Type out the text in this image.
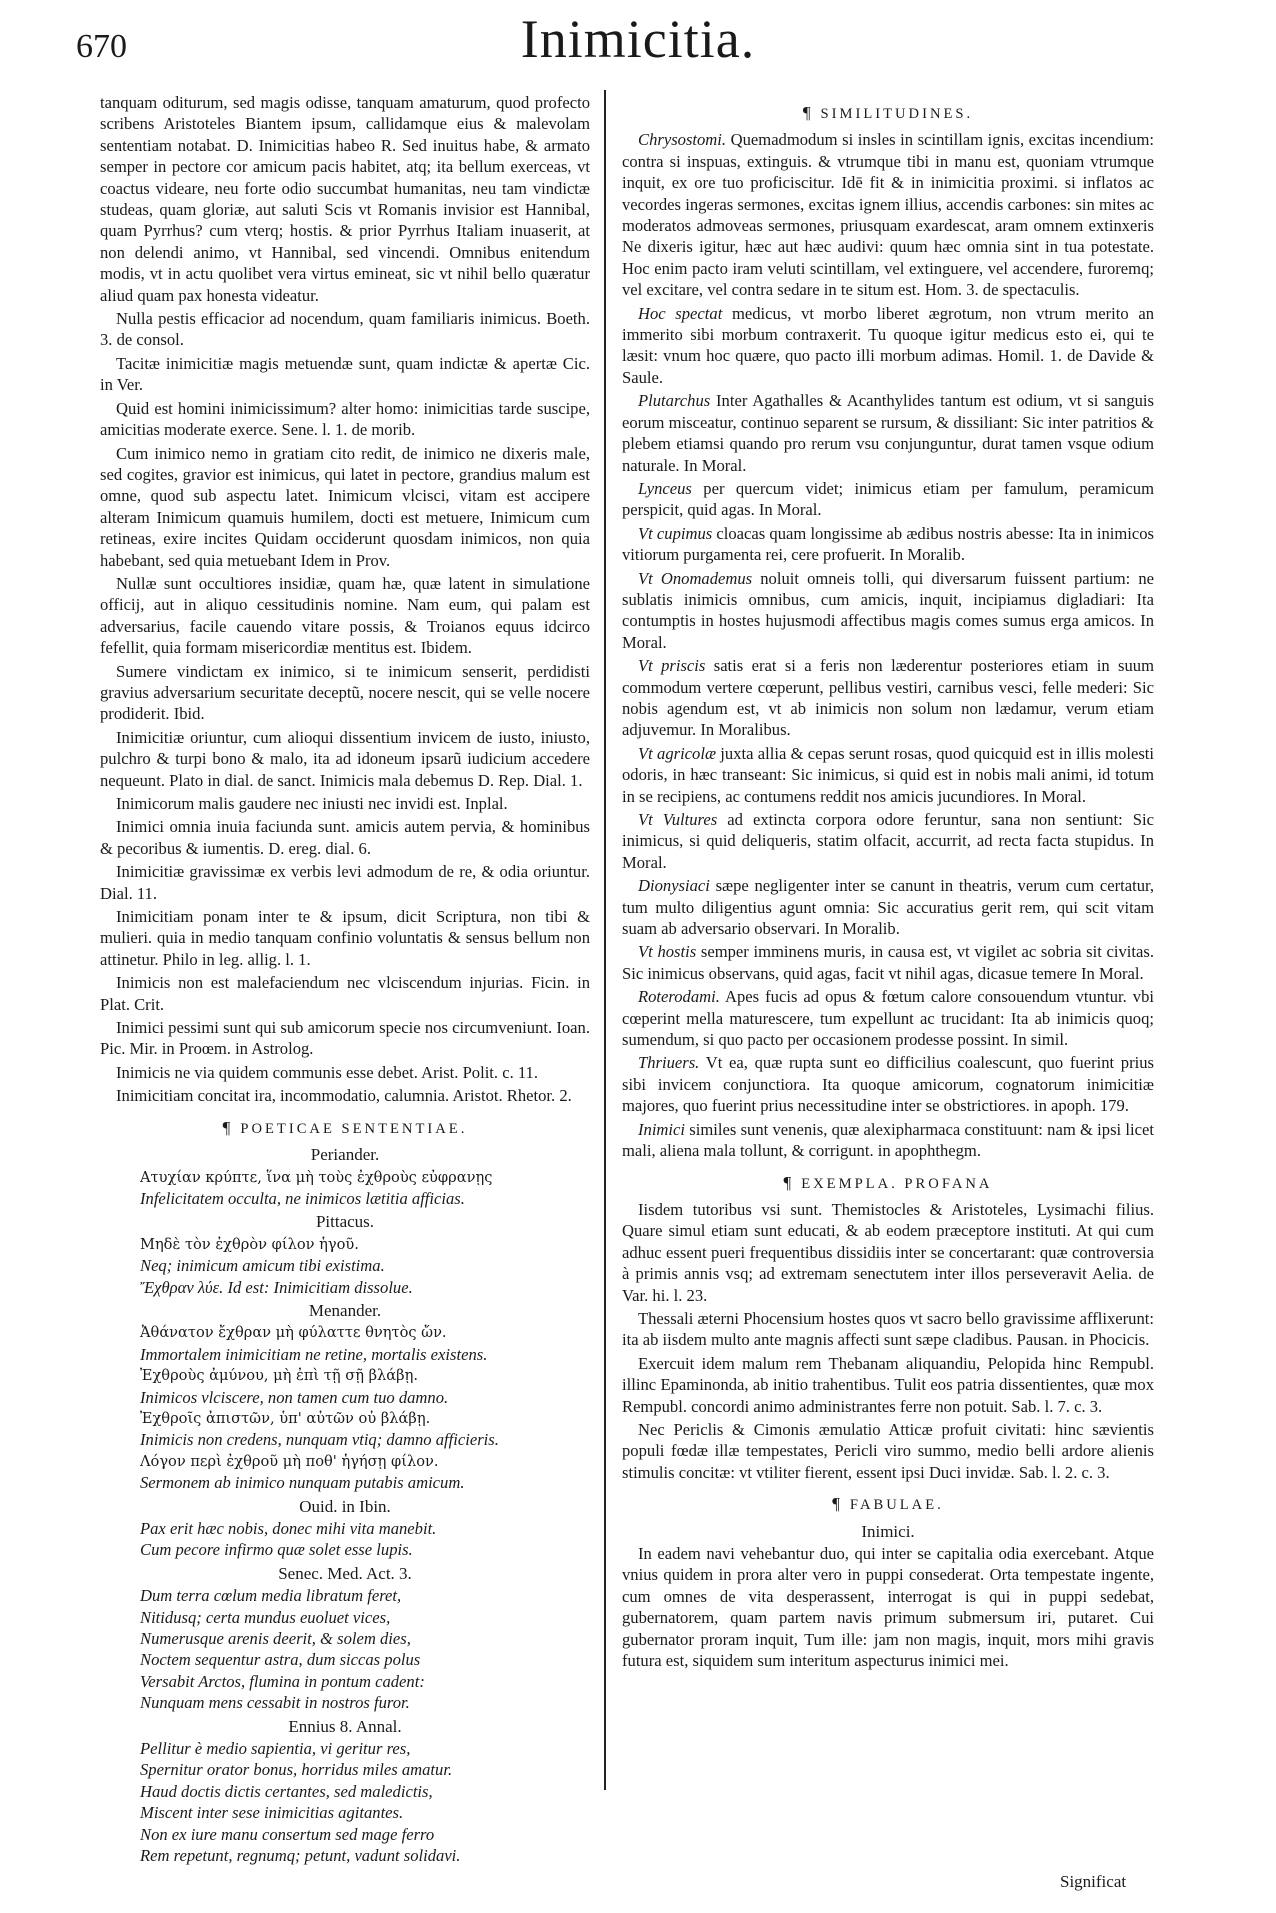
670	Inimicitia.

tanquam oditurum, sed magis odisse, tanquam amaturum, quod profecto scribens Aristoteles Biantem ipsum, callidamque eius & malevolam sententiam notabat. D. Inimicitias habeo R. Sed inuitus habe, & armato semper in pectore cor amicum pacis habitet, atq; ita bellum exerceas, vt coactus videare, neu forte odio succumbat humanitas, neu tam vindictæ studeas, quam gloriæ, aut saluti Scis vt Romanis invisior est Hannibal, quam Pyrrhus? cum vterq; hostis. & prior Pyrrhus Italiam inuaserit, at non delendi animo, vt Hannibal, sed vincendi. Omnibus enitendum modis, vt in actu quolibet vera virtus emineat, sic vt nihil bello quæratur aliud quam pax honesta videatur.

Nulla pestis efficacior ad nocendum, quam familiaris inimicus. Boeth. 3. de consol.

Tacitæ inimicitiæ magis metuendæ sunt, quam indictæ & apertæ Cic. in Ver.

Quid est homini inimicissimum? alter homo: inimicitias tarde suscipe, amicitias moderate exerce. Sene. l. 1. de morib.

Cum inimico nemo in gratiam cito redit, de inimico ne dixeris male, sed cogites, gravior est inimicus, qui latet in pectore, grandius malum est omne, quod sub aspectu latet. Inimicum vlcisci, vitam est accipere alteram Inimicum quamuis humilem, docti est metuere, Inimicum cum retineas, exire incites Quidam occiderunt quosdam inimicos, non quia habebant, sed quia metuebant Idem in Prov.

Nullæ sunt occultiores insidiæ, quam hæ, quæ latent in simulatione officij, aut in aliquo cessitudinis nomine. Nam eum, qui palam est adversarius, facile cauendo vitare possis, & Troianos equus idcirco fefellit, quia formam misericordiæ mentitus est. Ibidem.

Sumere vindictam ex inimico, si te inimicum senserit, perdidisti gravius adversarium securitate deceptũ, nocere nescit, qui se velle nocere prodiderit. Ibid.

Inimicitiæ oriuntur, cum alioqui dissentium invicem de iusto, iniusto, pulchro & turpi bono & malo, ita ad idoneum ipsarũ iudicium accedere nequeunt. Plato in dial. de sanct. Inimicis mala debemus D. Rep. Dial. 1.

Inimicorum malis gaudere nec iniusti nec invidi est. Inplal.

Inimici omnia inuia faciunda sunt. amicis autem pervia, & hominibus & pecoribus & iumentis. D. ereg. dial. 6.

Inimicitiæ gravissimæ ex verbis levi admodum de re, & odia oriuntur. Dial. 11.

Inimicitiam ponam inter te & ipsum, dicit Scriptura, non tibi & mulieri. quia in medio tanquam confinio voluntatis & sensus bellum non attinetur. Philo in leg. allig. l. 1.

Inimicis non est malefaciendum nec vlciscendum injurias. Ficin. in Plat. Crit.

Inimici pessimi sunt qui sub amicorum specie nos circumveniunt. Ioan. Pic. Mir. in Proœm. in Astrolog.

Inimicis ne via quidem communis esse debet. Arist. Polit. c. 11.

Inimicitiam concitat ira, incommodatio, calumnia. Aristot. Rhetor. 2.

¶ POETICAE SENTENTIAE.
Periander.
Ατυχίαν κρύπτε, ἵνα μὴ τοὺς ἐχθροὺς εὐφρανῃς
Infelicitatem occulta, ne inimicos lætitia afficias.
Pittacus.
Μηδὲ τὸν ἐχθρὸν φίλον ἡγοῦ.
Neq; inimicum amicum tibi existima.
Ἔχθραν λύε. Id est: Inimicitiam dissolue.
Menander.
Ἀθάνατον ἔχθραν μὴ φύλαττε θνητὸς ὤν.
Immortalem inimicitiam ne retine, mortalis existens.
Ἐχθροὺς ἀμύνου, μὴ ἐπὶ τῇ σῇ βλάβῃ.
Inimicos vlciscere, non tamen cum tuo damno.
Ἐχθροῖς ἀπιστῶν, ὑπ' αὐτῶν οὐ βλάβῃ.
Inimicis non credens, nunquam vtiq; damno afficieris.
Λόγον περὶ ἐχθροῦ μὴ ποθ' ἡγήσῃ φίλον.
Sermonem ab inimico nunquam putabis amicum.
Ouid. in Ibin.
Pax erit hæc nobis, donec mihi vita manebit.
Cum pecore infirmo quæ solet esse lupis.
Senec. Med. Act. 3.
Dum terra cœlum media libratum feret,
Nitidusq; certa mundus euoluet vices,
Numerusque arenis deerit, & solem dies,
Noctem sequentur astra, dum siccas polus
Versabit Arctos, flumina in pontum cadent:
Nunquam mens cessabit in nostros furor.
Ennius 8. Annal.
Pellitur è medio sapientia, vi geritur res,
Spernitur orator bonus, horridus miles amatur.
Haud doctis dictis certantes, sed maledictis,
Miscent inter sese inimicitias agitantes.
Non ex iure manu consertum sed mage ferro
Rem repetunt, regnumq; petunt, vadunt solidavi.
¶ SIMILITUDINES.

Chrysostomi. Quemadmodum si insles in scintillam ignis, excitas incendium: contra si inspuas, extinguis. & vtrumque tibi in manu est, quoniam vtrumque inquit, ex ore tuo proficiscitur. Idē fit & in inimicitia proximi. si inflatos ac vecordes ingeras sermones, excitas ignem illius, accendis carbones: sin mites ac moderatos admoveas sermones, priusquam exardescat, aram omnem extinxeris Ne dixeris igitur, hæc aut hæc audivi: quum hæc omnia sint in tua potestate. Hoc enim pacto iram veluti scintillam, vel extinguere, vel accendere, furoremq; vel excitare, vel contra sedare in te situm est. Hom. 3. de spectaculis.

Hoc spectat medicus, vt morbo liberet ægrotum, non vtrum merito an immerito sibi morbum contraxerit. Tu quoque igitur medicus esto ei, qui te læsit: vnum hoc quære, quo pacto illi morbum adimas. Homil. 1. de Davide & Saule.

Plutarchus Inter Agathalles & Acanthylides tantum est odium, vt si sanguis eorum misceatur, continuo separent se rursum, & dissiliant: Sic inter patritios & plebem etiamsi quando pro rerum vsu conjunguntur, durat tamen vsque odium naturale. In Moral.

Lynceus per quercum videt; inimicus etiam per famulum, peramicum perspicit, quid agas. In Moral.

Vt cupimus cloacas quam longissime ab ædibus nostris abesse: Ita in inimicos vitiorum purgamenta rei, cere profuerit. In Moralib.

Vt Onomademus noluit omneis tolli, qui diversarum fuissent partium: ne sublatis inimicis omnibus, cum amicis, inquit, incipiamus digladiari: Ita contumptis in hostes hujusmodi affectibus magis comes sumus erga amicos. In Moral.

Vt priscis satis erat si a feris non læderentur posteriores etiam in suum commodum vertere cœperunt, pellibus vestiri, carnibus vesci, felle mederi: Sic nobis agendum est, vt ab inimicis non solum non lædamur, verum etiam adjuvemur. In Moralibus.

Vt agricolæ juxta allia & cepas serunt rosas, quod quicquid est in illis molesti odoris, in hæc transeant: Sic inimicus, si quid est in nobis mali animi, id totum in se recipiens, ac contumens reddit nos amicis jucundiores. In Moral.

Vt Vultures ad extincta corpora odore feruntur, sana non sentiunt: Sic inimicus, si quid deliqueris, statim olfacit, accurrit, ad recta facta stupidus. In Moral.

Dionysiaci sæpe negligenter inter se canunt in theatris, verum cum certatur, tum multo diligentius agunt omnia: Sic accuratius gerit rem, qui scit vitam suam ab adversario observari. In Moralib.

Vt hostis semper imminens muris, in causa est, vt vigilet ac sobria sit civitas. Sic inimicus observans, quid agas, facit vt nihil agas, dicasue temere In Moral.

Roterodami. Apes fucis ad opus & fœtum calore consouendum vtuntur. vbi cœperint mella maturescere, tum expellunt ac trucidant: Ita ab inimicis quoq; sumendum, si quo pacto per occasionem prodesse possint. In simil.

Thriuers. Vt ea, quæ rupta sunt eo difficilius coalescunt, quo fuerint prius sibi invicem conjunctiora. Ita quoque amicorum, cognatorum inimicitiæ majores, quo fuerint prius necessitudine inter se obstrictiores. in apoph. 179.

Inimici similes sunt venenis, quæ alexipharmaca constituunt: nam & ipsi licet mali, aliena mala tollunt, & corrigunt. in apophthegm.

¶ EXEMPLA. PROFANA

Iisdem tutoribus vsi sunt. Themistocles & Aristoteles, Lysimachi filius. Quare simul etiam sunt educati, & ab eodem præceptore instituti. At qui cum adhuc essent pueri frequentibus dissidiis inter se concertarant: quæ controversia à primis annis vsq; ad extremam senectutem inter illos perseveravit Aelia. de Var. hi. l. 23.

Thessali æterni Phocensium hostes quos vt sacro bello gravissime afflixerunt: ita ab iisdem multo ante magnis affecti sunt sæpe cladibus. Pausan. in Phocicis.

Exercuit idem malum rem Thebanam aliquandiu, Pelopida hinc Rempubl. illinc Epaminonda, ab initio trahentibus. Tulit eos patria dissentientes, quæ mox Rempubl. concordi animo administrantes ferre non potuit. Sab. l. 7. c. 3.

Nec Periclis & Cimonis æmulatio Atticæ profuit civitati: hinc sævientis populi fœdæ illæ tempestates, Pericli viro summo, medio belli ardore alienis stimulis concitæ: vt vtiliter fierent, essent ipsi Duci invidæ. Sab. l. 2. c. 3.

¶ FABULAE.
Inimici.

In eadem navi vehebantur duo, qui inter se capitalia odia exercebant. Atque vnius quidem in prora alter vero in puppi consederat. Orta tempestate ingente, cum omnes de vita desperassent, interrogat is qui in puppi sedebat, gubernatorem, quam partem navis primum submersum iri, putaret. Cui gubernator proram inquit, Tum ille: jam non magis, inquit, mors mihi gravis futura est, siquidem sum interitum aspecturus inimici mei.

Significat
